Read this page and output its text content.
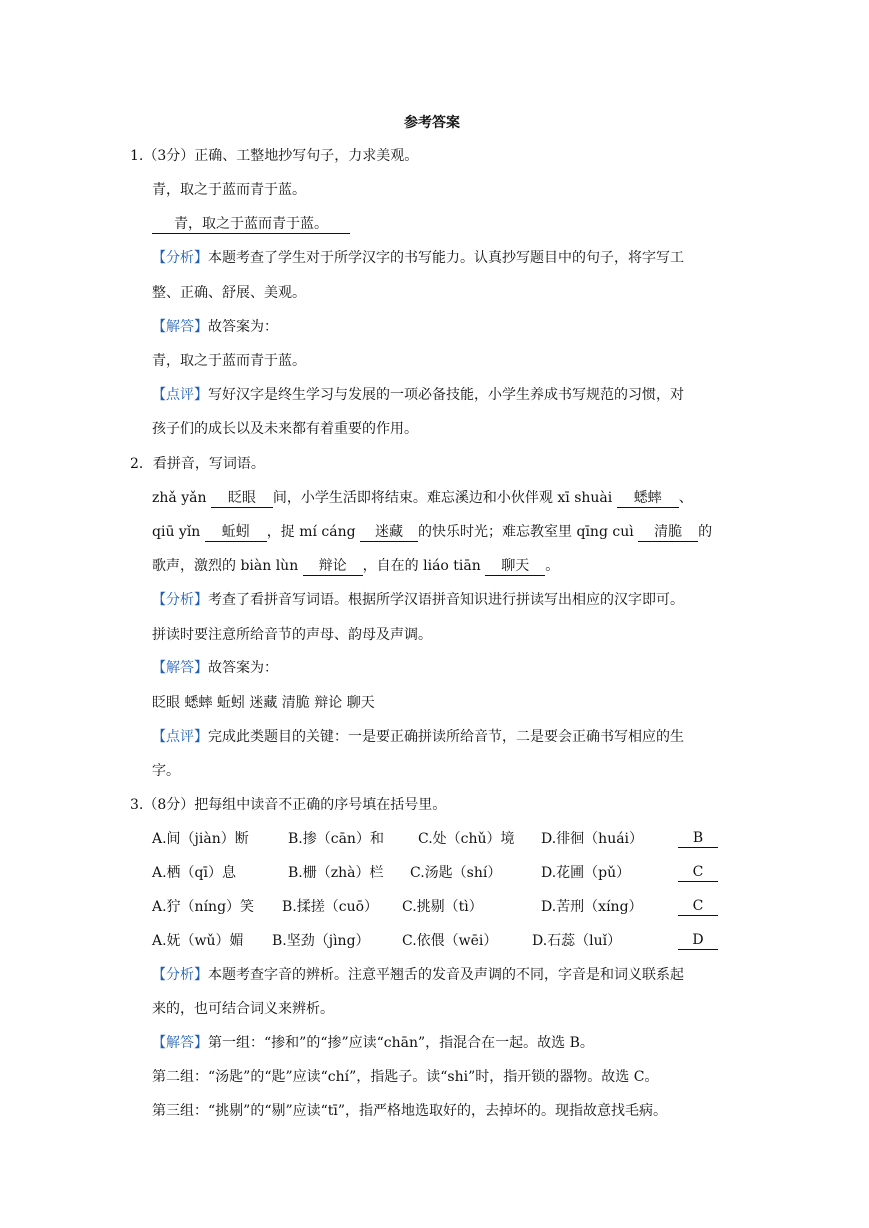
参考答案
1.（3分）正确、工整地抄写句子，力求美观。
青，取之于蓝而青于蓝。
青，取之于蓝而青于蓝。
【分析】本题考查了学生对于所学汉字的书写能力。认真抄写题目中的句子，将字写工
整、正确、舒展、美观。
【解答】故答案为：
青，取之于蓝而青于蓝。
【点评】写好汉字是终生学习与发展的一项必备技能，小学生养成书写规范的习惯，对
孩子们的成长以及未来都有着重要的作用。
2．看拼音，写词语。
zhǎ yǎn 眨眼 间，小学生活即将结束。难忘溪边和小伙伴观 xī shuài 蟋蟀 、
qiū yǐn 蚯蚓 ，捉 mí cáng 迷藏 的快乐时光；难忘教室里 qīng cuì 清脆 的
歌声，激烈的 biàn lùn 辩论 ，自在的 liáo tiān 聊天 。
【分析】考查了看拼音写词语。根据所学汉语拼音知识进行拼读写出相应的汉字即可。
拼读时要注意所给音节的声母、韵母及声调。
【解答】故答案为：
眨眼 蟋蟀 蚯蚓 迷藏 清脆 辩论 聊天
【点评】完成此类题目的关键：一是要正确拼读所给音节，二是要会正确书写相应的生
字。
3.（8分）把每组中读音不正确的序号填在括号里。
A.间（jiàn）断	B.掺（cān）和 C.处（chǔ）境 D.徘徊（huái）	B
A.栖（qī）息	B.栅（zhà）栏 C.汤匙（shí）	D.花圃（pǔ）	C
A.狞（níng）笑 B.揉搓（cuō） C.挑剔（tì）	D.苦刑（xíng）	C
A.妩（wǔ）媚 B.坚劲（jìng） C.依偎（wēi） D.石蕊（luǐ）	D
【分析】本题考查字音的辨析。注意平翘舌的发音及声调的不同，字音是和词义联系起
来的，也可结合词义来辨析。
【解答】第一组：“掺和”的“掺”应读“chān”，指混合在一起。故选 B。
第二组：“汤匙”的“匙”应读“chí”，指匙子。读“shi”时，指开锁的器物。故选 C。
第三组：“挑剔”的“剔”应读“tī”，指严格地选取好的，去掉坏的。现指故意找毛病。
